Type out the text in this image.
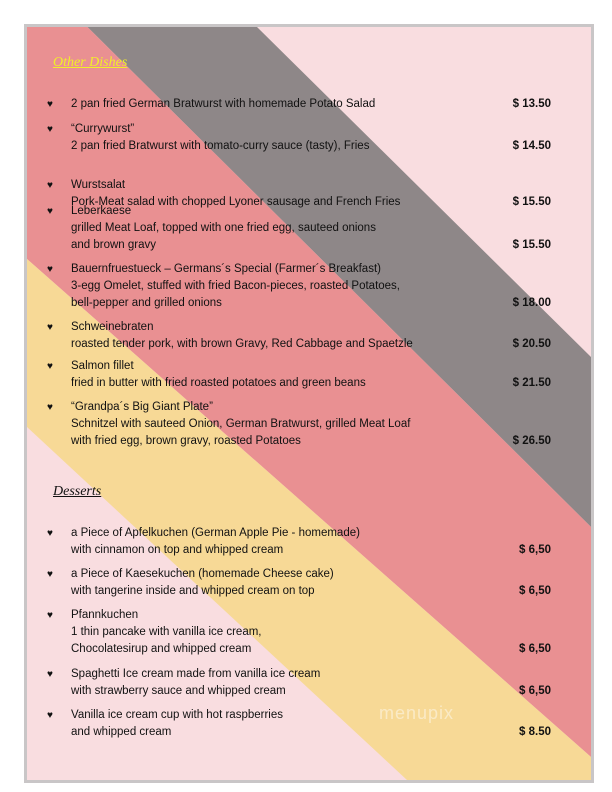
Other Dishes
♥ 2 pan fried German Bratwurst with homemade Potato Salad	$ 13.50
♥ “Currywurst”
2 pan fried Bratwurst with tomato-curry sauce (tasty), Fries	$ 14.50
♥ Wurstsalat
Pork-Meat salad with chopped Lyoner sausage and French Fries	$ 15.50
♥ Leberkaese
grilled Meat Loaf, topped with one fried egg, sauteed onions
and brown gravy	$ 15.50
♥ Bauernfruestueck – Germans´s Special (Farmer´s Breakfast)
3-egg Omelet, stuffed with fried Bacon-pieces, roasted Potatoes,
bell-pepper and grilled onions	$ 18.00
♥ Schweinebraten
roasted tender pork, with brown Gravy, Red Cabbage and Spaetzle	$ 20.50
♥ Salmon fillet
fried in butter with fried roasted potatoes and green beans	$ 21.50
♥ “Grandpa´s Big Giant Plate”
Schnitzel with sauteed Onion, German Bratwurst, grilled Meat Loaf
with fried egg, brown gravy, roasted Potatoes	$ 26.50
Desserts
♥ a Piece of Apfelkuchen (German Apple Pie - homemade)
with cinnamon on top and whipped cream	$ 6,50
♥ a Piece of Kaesekuchen (homemade Cheese cake)
with tangerine inside and whipped cream on top	$ 6,50
♥ Pfannkuchen
1 thin pancake with vanilla ice cream,
Chocolatesirup and whipped cream	$ 6,50
♥ Spaghetti Ice cream made from vanilla ice cream
with strawberry sauce and whipped cream	$ 6,50
♥ Vanilla ice cream cup with hot raspberries
and whipped cream	$ 8.50
menupix
